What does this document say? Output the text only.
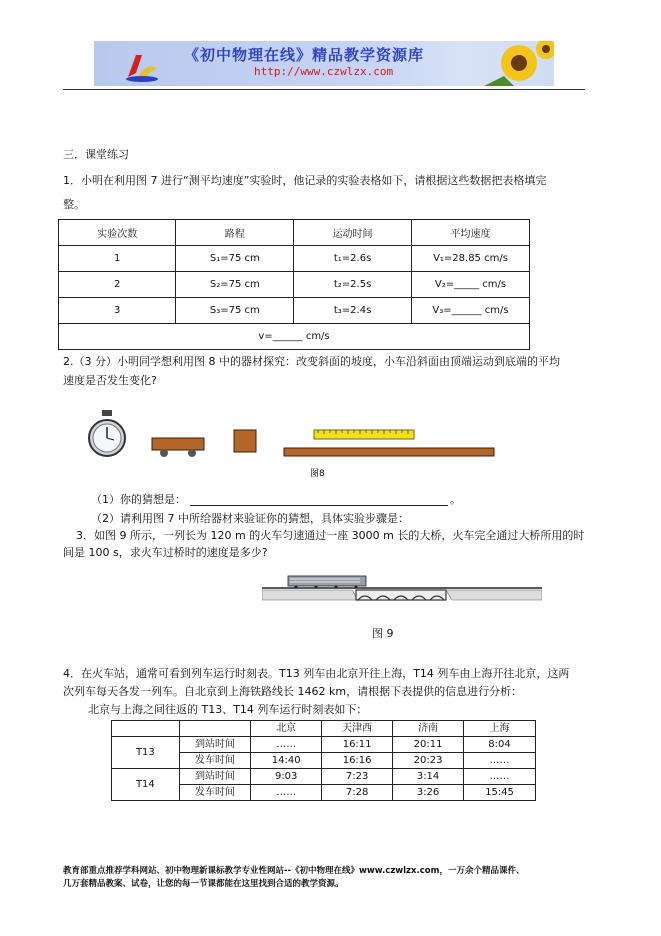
《初中物理在线》精品教学资源库
http://www.czwlzx.com
三．课堂练习
1．小明在利用图 7 进行“测平均速度”实验时，他记录的实验表格如下，请根据这些数据把表格填完
整。
实验次数	路程	运动时间	平均速度
1	S₁=75 cm	t₁=2.6s	V₁=28.85 cm/s
2	S₂=75 cm	t₂=2.5s	V₂=_____ cm/s
3	S₃=75 cm	t₃=2.4s	V₃=______ cm/s
v=______ cm/s			
2.（3 分）小明同学想利用图 8 中的器材探究：改变斜面的坡度，小车沿斜面由顶端运动到底端的平均
速度是否发生变化?
图8
（1）你的猜想是：	。
（2）请利用图 7 中所给器材来验证你的猜想，具体实验步骤是：
3．如图 9 所示，一列长为 120 m 的火车匀速通过一座 3000 m 长的大桥，火车完全通过大桥所用的时
间是 100 s，求火车过桥时的速度是多少?
图 9
4．在火车站，通常可看到列车运行时刻表。T13 列车由北京开往上海，T14 列车由上海开往北京，这两
次列车每天各发一列车。自北京到上海铁路线长 1462 km，请根据下表提供的信息进行分析：
北京与上海之间往返的 T13、T14 列车运行时刻表如下：
		北京	天津西	济南	上海
T13	到站时间	……	16:11	20:11	8:04
	发车时间	14:40	16:16	20:23	……
T14	到站时间	9:03	7:23	3:14	……
	发车时间	……	7:28	3:26	15:45
教育部重点推荐学科网站、初中物理新课标教学专业性网站--《初中物理在线》www.czwlzx.com，一万余个精品课件、
几万套精品教案、试卷，让您的每一节课都能在这里找到合适的教学资源。
